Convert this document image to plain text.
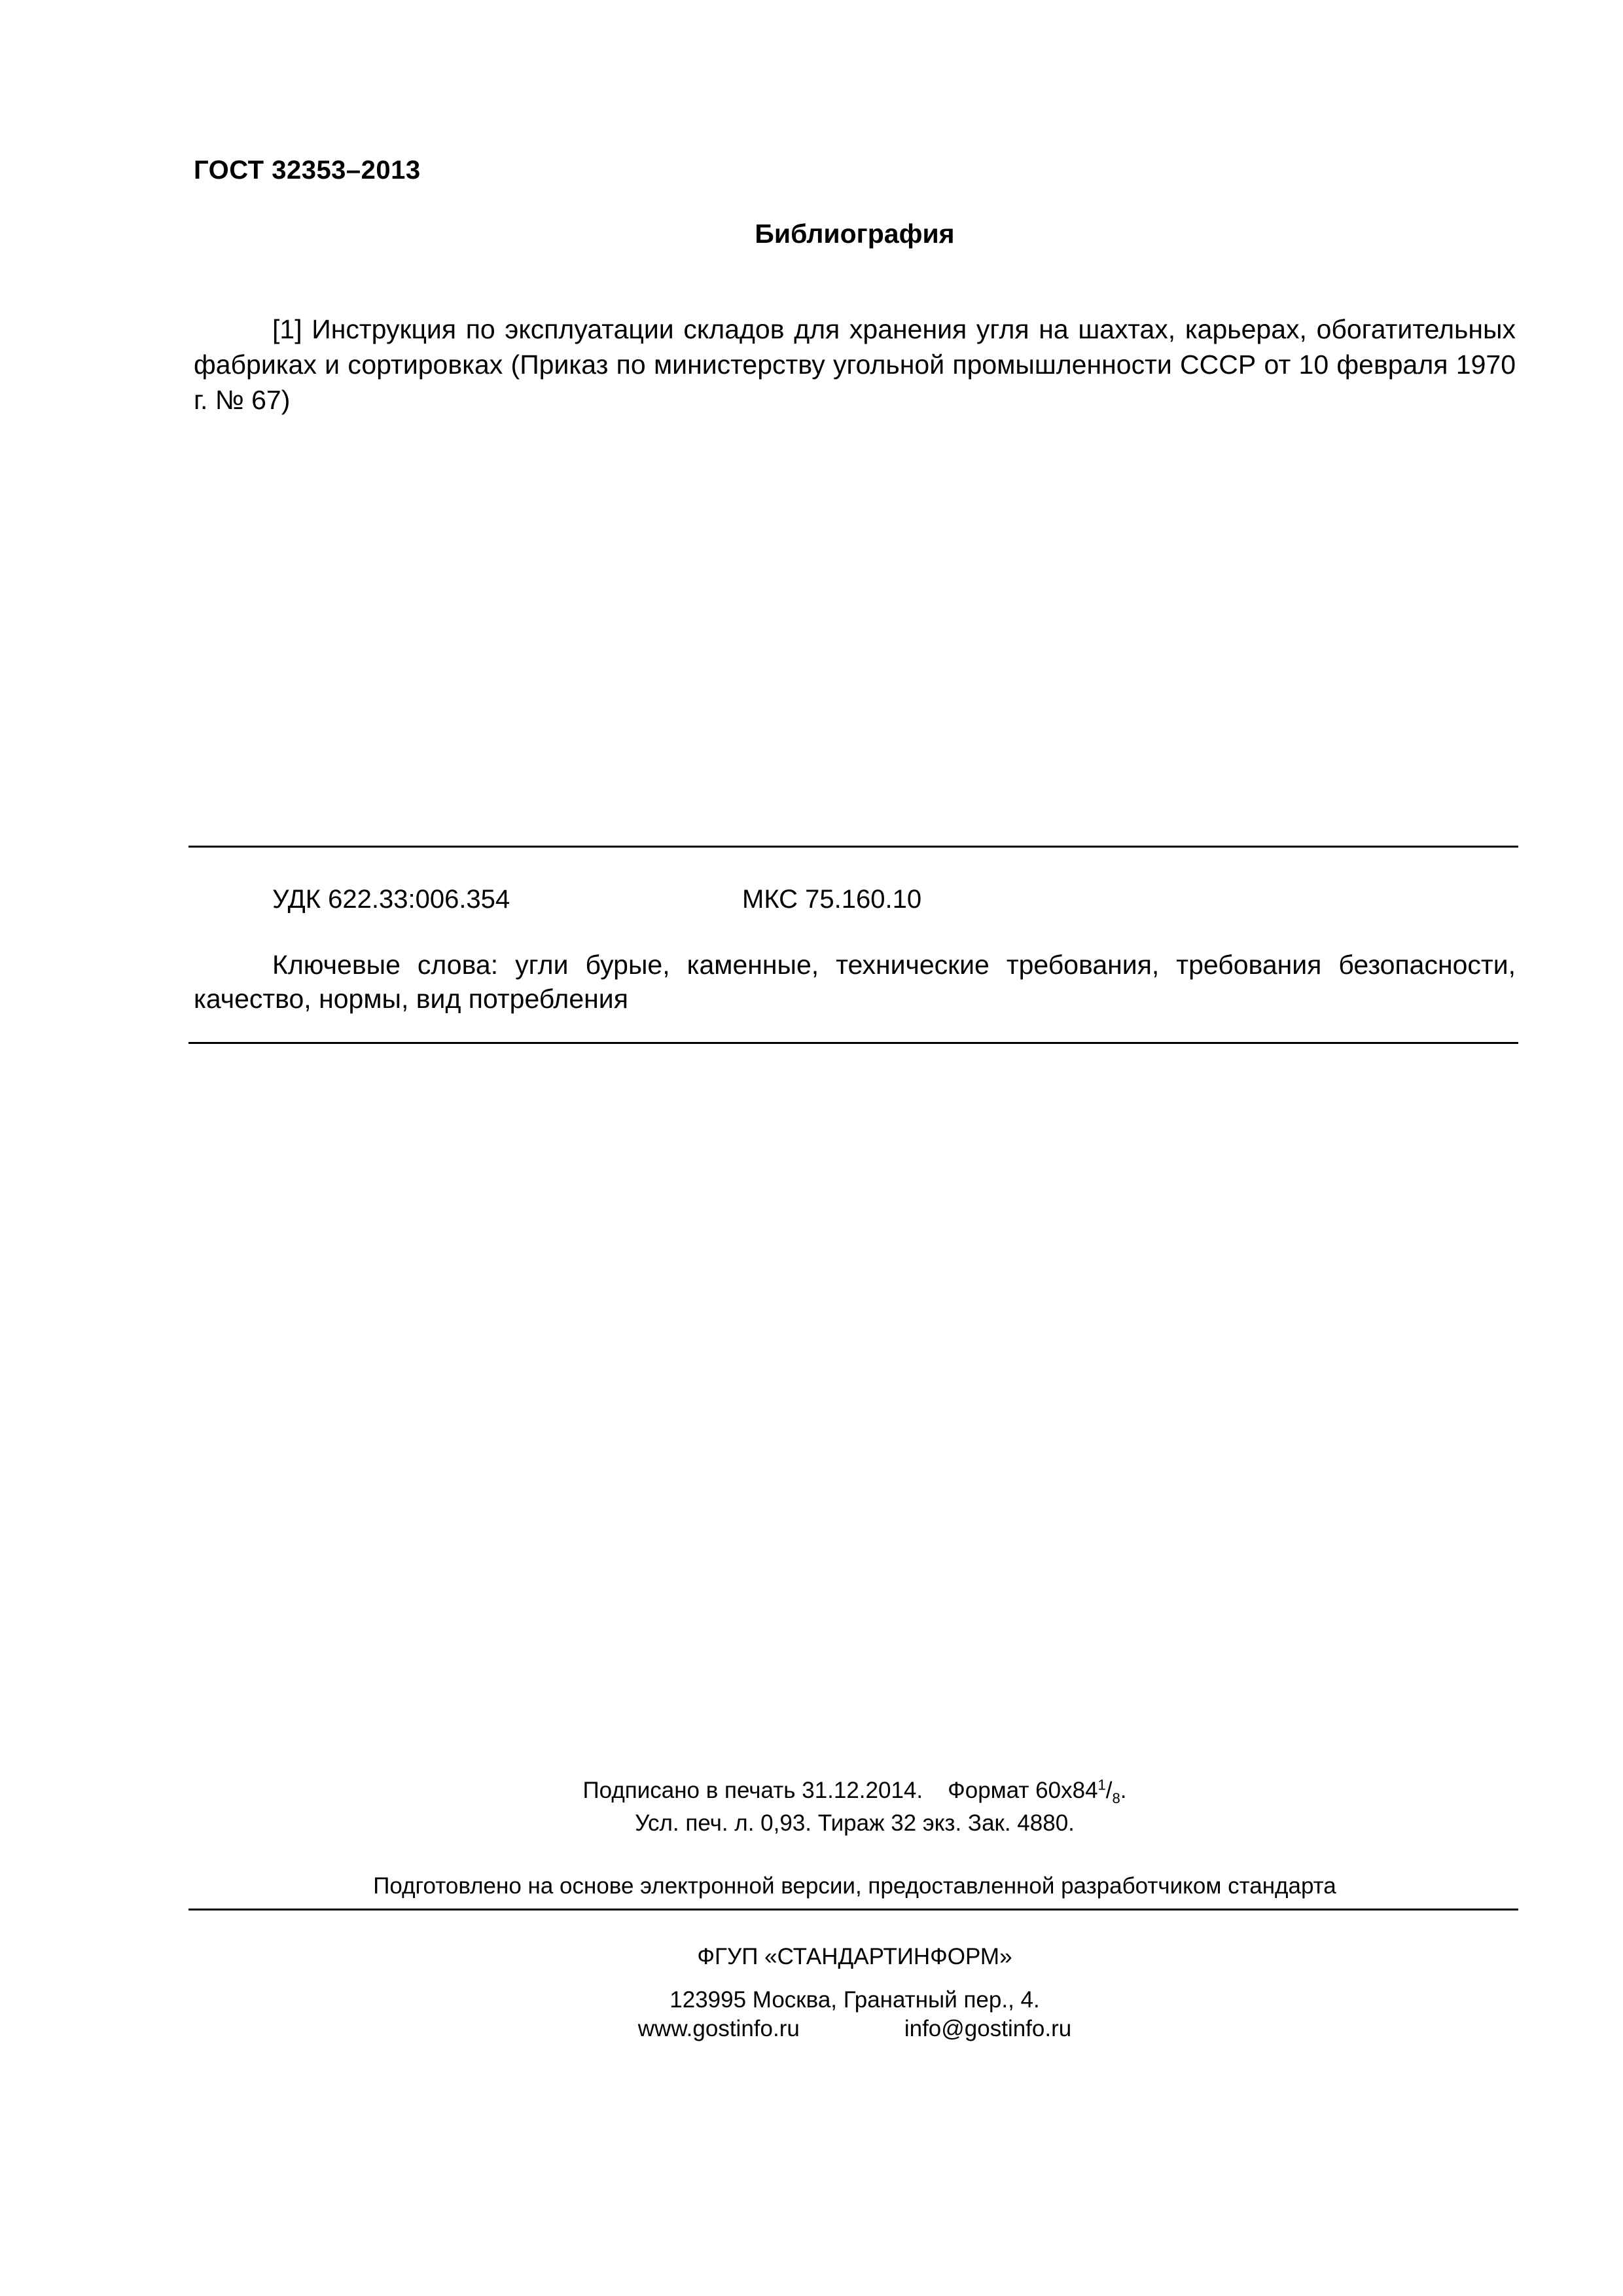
ГОСТ 32353–2013
Библиография
[1] Инструкция по эксплуатации складов для хранения угля на шахтах, карьерах, обогатительных фабриках и сортировках (Приказ по министерству угольной промышленности СССР от 10 февраля 1970 г. № 67)
УДК 622.33:006.354	МКС 75.160.10
Ключевые слова: угли бурые, каменные, технические требования, требования безопасности, качество, нормы, вид потребления
Подписано в печать 31.12.2014. Формат $60x84^1/_8$.
Усл. печ. л. 0,93. Тираж 32 экз. Зак. 4880.
Подготовлено на основе электронной версии, предоставленной разработчиком стандарта
ФГУП «СТАНДАРТИНФОРМ»
123995 Москва, Гранатный пер., 4.
www.gostinfo.ru	info@gostinfo.ru
